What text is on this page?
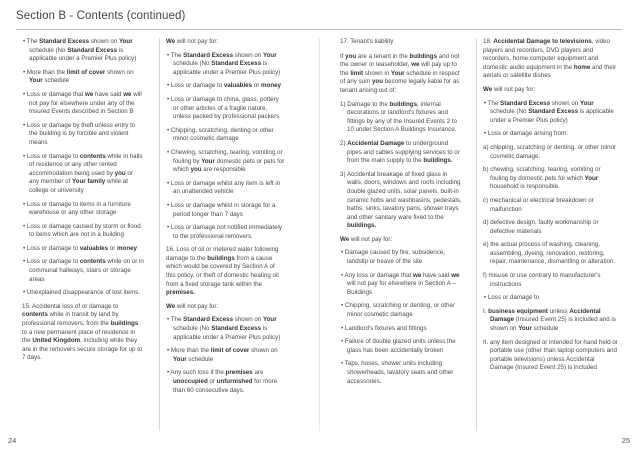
Section B - Contents (continued)
• The Standard Excess shown on Your schedule (No Standard Excess is applicable under a Premier Plus policy)
• More than the limit of cover shown on Your schedule
• Loss or damage that we have said we will not pay for elsewhere under any of the Insured Events described in Section B
• Loss or damage by theft unless entry to the building is by forcible and violent means
• Loss or damage to contents while in halls of residence or any other rented accommodation being used by you or any member of Your family while at college or university
• Loss or damage to items in a furniture warehouse or any other storage
• Loss or damage caused by storm or flood to items which are not in a building
• Loss or damage to valuables or money
• Loss or damage to contents while on or in communal hallways, stairs or storage areas
• Unexplained disappearance of lost items.

15. Accidental loss of or damage to contents while in transit by land by professional removers, from the buildings to a new permanent place of residence in the United Kingdom, including while they are in the removers secure storage for up to 7 days.

We will not pay for:

• The Standard Excess shown on Your schedule (No Standard Excess is applicable under a Premier Plus policy)
• Loss or damage to valuables or money
• Loss or damage to china, glass, pottery or other articles of a fragile nature, unless packed by professional packers
• Chipping, scratching, denting or other minor cosmetic damage
• Chewing, scratching, tearing, vomiting or fouling by Your domestic pets or pets for which you are responsible
• Loss or damage whilst any item is left in an unattended vehicle
• Loss or damage whilst in storage for a period longer than 7 days
• Loss or damage not notified immediately to the professional removers.

16. Loss of oil or metered water following damage to the buildings from a cause which would be covered by Section A of this policy, or theft of domestic heating oil from a fixed storage tank within the premises.

We will not pay for:

• The Standard Excess shown on Your schedule (No Standard Excess is applicable under a Premier Plus policy)
• More than the limit of cover shown on Your schedule
• Any such loss if the premises are unoccupied or unfurnished for more than 60 consecutive days.

17. Tenant's liability

If you are a tenant in the buildings and not the owner or leaseholder, we will pay up to the limit shown in Your schedule in respect of any sum you become legally liable for as tenant arising out of:

1) Damage to the buildings, internal decorations or landlord's fixtures and fittings by any of the Insured Events 2 to 10 under Section A Buildings Insurance.
2) Accidental Damage to underground pipes and cables supplying services to or from the main supply to the buildings.
3) Accidental breakage of fixed glass in walls, doors, windows and roofs including double glazed units, solar panels, built-in ceramic hobs and washbasins, pedestals, baths, sinks, lavatory pans, shower trays and other sanitary ware fixed to the buildings.

We will not pay for:

• Damage caused by fire, subsidence, landslip or heave of the site
• Any loss or damage that we have said we will not pay for elsewhere in Section A – Buildings
• Chipping, scratching or denting, or other minor cosmetic damage
• Landlord's fixtures and fittings
• Failure of double glazed units unless the glass has been accidentally broken
• Taps, hoses, shower units including showerheads, lavatory seats and other accessories.

18. Accidental Damage to televisions, video players and recorders, DVD players and recorders, home computer equipment and domestic audio equipment in the home and their aerials or satellite dishes

We will not pay for:

• The Standard Excess shown on Your schedule (No Standard Excess is applicable under a Premier Plus policy)
• Loss or damage arising from:
a) chipping, scratching or denting, or other minor cosmetic damage.
b) chewing, scratching, tearing, vomiting or fouling by domestic pets for which Your household is responsible.
c) mechanical or electrical breakdown or malfunction
d) defective design, faulty workmanship or defective materials
e) the actual process of washing, cleaning, assembling, dyeing, renovation, restoring, repair, maintenance, dismantling or alteration.
f) misuse or use contrary to manufacturer's instructions
• Loss or damage to
I. business equipment unless Accidental Damage (Insured Event 25) is included and is shown on Your schedule
II. any item designed or intended for hand held or portable use (other than laptop computers and portable televisions) unless Accidental Damage (Insured Event 25) is included
24	25
